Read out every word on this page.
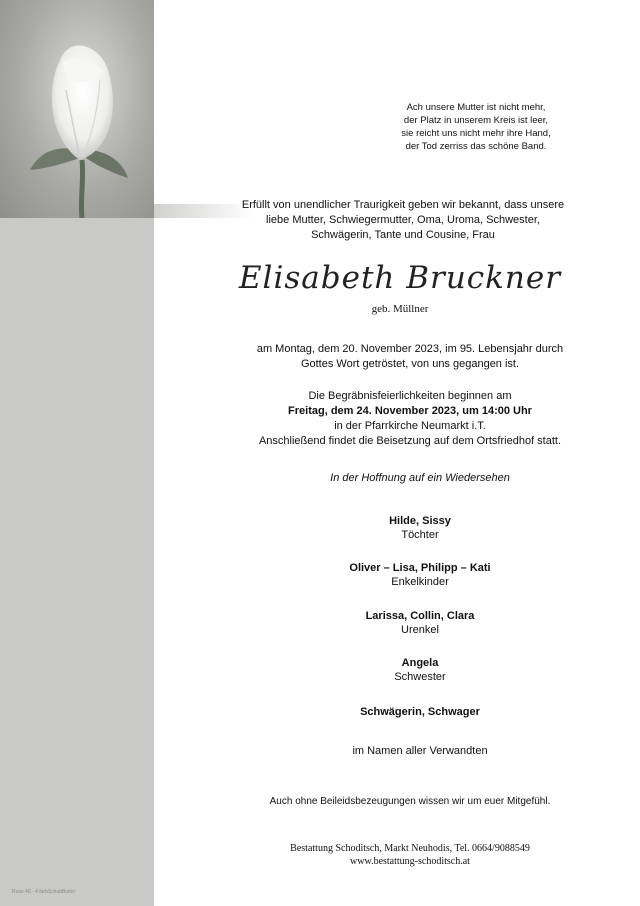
Rose 40 - 4 farbSchubButter
Ach unsere Mutter ist nicht mehr,
der Platz in unserem Kreis ist leer,
sie reicht uns nicht mehr ihre Hand,
der Tod zerriss das schöne Band.
Erfüllt von unendlicher Traurigkeit geben wir bekannt, dass unsere
liebe Mutter, Schwiegermutter, Oma, Uroma, Schwester,
Schwägerin, Tante und Cousine, Frau
Elisabeth Bruckner
geb. Müllner
am Montag, dem 20. November 2023, im 95. Lebensjahr durch
Gottes Wort getröstet, von uns gegangen ist.
Die Begräbnisfeierlichkeiten beginnen am
Freitag, dem 24. November 2023, um 14:00 Uhr
in der Pfarrkirche Neumarkt i.T.
Anschließend findet die Beisetzung auf dem Ortsfriedhof statt.
In der Hoffnung auf ein Wiedersehen
Hilde, Sissy
Töchter
Oliver – Lisa, Philipp – Kati
Enkelkinder
Larissa, Collin, Clara
Urenkel
Angela
Schwester
Schwägerin, Schwager
im Namen aller Verwandten
Auch ohne Beileidsbezeugungen wissen wir um euer Mitgefühl.
Bestattung Schoditsch, Markt Neuhodis, Tel. 0664/9088549
www.bestattung-schoditsch.at
